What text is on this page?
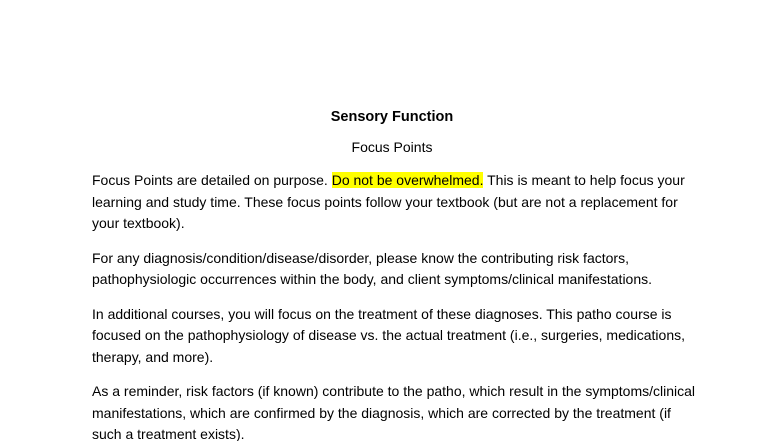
Sensory Function
Focus Points

Focus Points are detailed on purpose. Do not be overwhelmed. This is meant to help focus your learning and study time. These focus points follow your textbook (but are not a replacement for your textbook).

For any diagnosis/condition/disease/disorder, please know the contributing risk factors, pathophysiologic occurrences within the body, and client symptoms/clinical manifestations.

In additional courses, you will focus on the treatment of these diagnoses. This patho course is focused on the pathophysiology of disease vs. the actual treatment (i.e., surgeries, medications, therapy, and more).

As a reminder, risk factors (if known) contribute to the patho, which result in the symptoms/clinical manifestations, which are confirmed by the diagnosis, which are corrected by the treatment (if such a treatment exists).
